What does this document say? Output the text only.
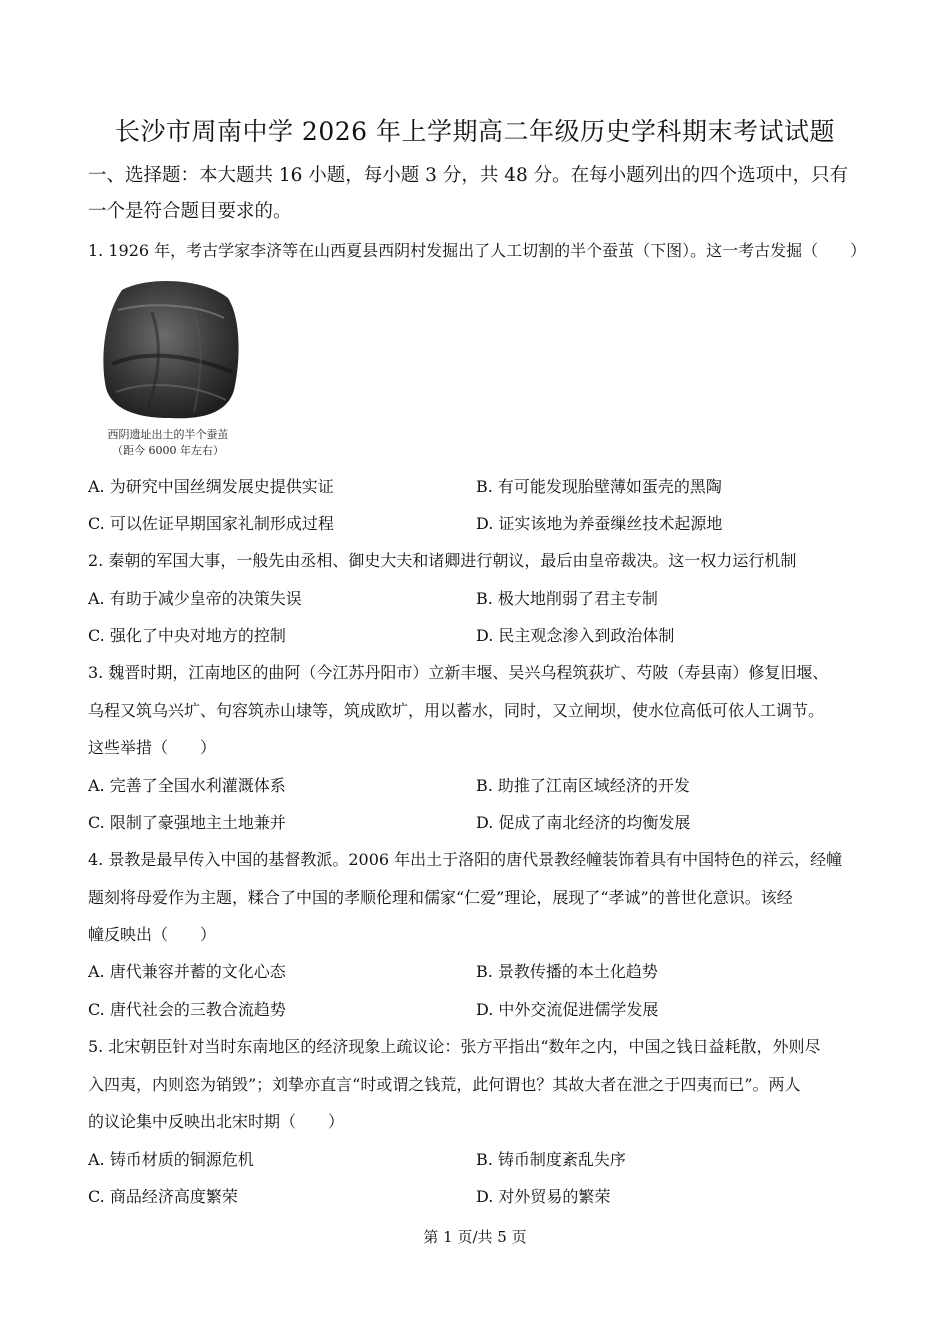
长沙市周南中学 2026 年上学期高二年级历史学科期末考试试题
一、选择题：本大题共 16 小题，每小题 3 分，共 48 分。在每小题列出的四个选项中，只有
一个是符合题目要求的。
1. 1926 年，考古学家李济等在山西夏县西阴村发掘出了人工切割的半个蚕茧（下图）。这一考古发掘（　　）
西阴遗址出土的半个蚕茧
（距今 6000 年左右）
A. 为研究中国丝绸发展史提供实证	B. 有可能发现胎壁薄如蛋壳的黑陶
C. 可以佐证早期国家礼制形成过程	D. 证实该地为养蚕缫丝技术起源地
2. 秦朝的军国大事，一般先由丞相、御史大夫和诸卿进行朝议，最后由皇帝裁决。这一权力运行机制
A. 有助于减少皇帝的决策失误	B. 极大地削弱了君主专制
C. 强化了中央对地方的控制	D. 民主观念渗入到政治体制
3. 魏晋时期，江南地区的曲阿（今江苏丹阳市）立新丰堰、吴兴乌程筑荻圹、芍陂（寿县南）修复旧堰、
乌程又筑乌兴圹、句容筑赤山埭等，筑成欧圹，用以蓄水，同时，又立闸坝，使水位高低可依人工调节。
这些举措（　　）
A. 完善了全国水利灌溉体系	B. 助推了江南区域经济的开发
C. 限制了豪强地主土地兼并	D. 促成了南北经济的均衡发展
4. 景教是最早传入中国的基督教派。2006 年出土于洛阳的唐代景教经幢装饰着具有中国特色的祥云，经幢
题刻将母爱作为主题，糅合了中国的孝顺伦理和儒家“仁爱”理论，展现了“孝诚”的普世化意识。该经
幢反映出（　　）
A. 唐代兼容并蓄的文化心态	B. 景教传播的本土化趋势
C. 唐代社会的三教合流趋势	D. 中外交流促进儒学发展
5. 北宋朝臣针对当时东南地区的经济现象上疏议论：张方平指出“数年之内，中国之钱日益耗散，外则尽
入四夷，内则恣为销毁”；刘挚亦直言“时或谓之钱荒，此何谓也？其故大者在泄之于四夷而已”。两人
的议论集中反映出北宋时期（　　）
A. 铸币材质的铜源危机	B. 铸币制度紊乱失序
C. 商品经济高度繁荣	D. 对外贸易的繁荣
第 1 页/共 5 页
